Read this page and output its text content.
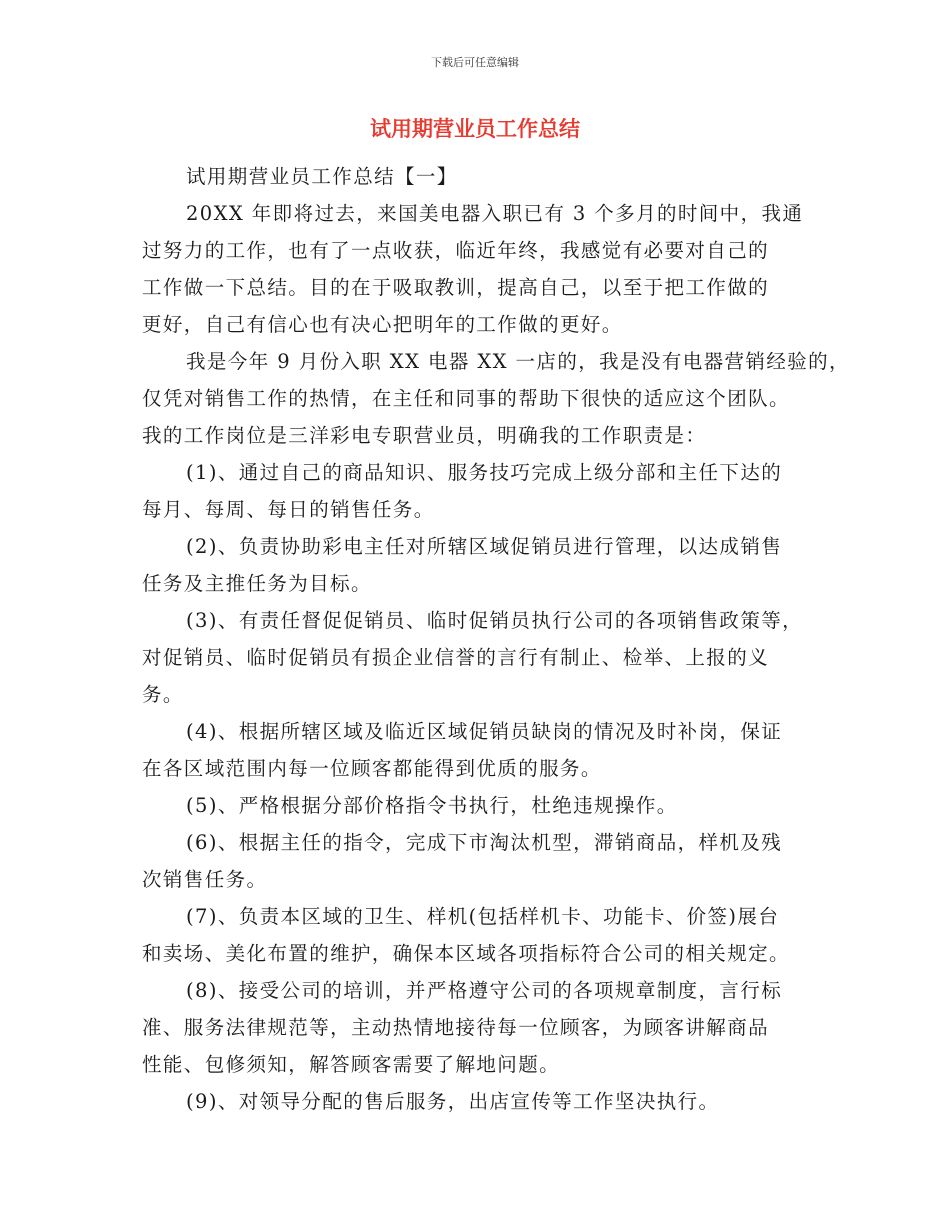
下载后可任意编辑
试用期营业员工作总结
试用期营业员工作总结【一】
20XX 年即将过去，来国美电器入职已有 3 个多月的时间中，我通
过努力的工作，也有了一点收获，临近年终，我感觉有必要对自己的
工作做一下总结。目的在于吸取教训，提高自己，以至于把工作做的
更好，自己有信心也有决心把明年的工作做的更好。
我是今年 9 月份入职 XX 电器 XX 一店的，我是没有电器营销经验的，
仅凭对销售工作的热情，在主任和同事的帮助下很快的适应这个团队。
我的工作岗位是三洋彩电专职营业员，明确我的工作职责是：
(1)、通过自己的商品知识、服务技巧完成上级分部和主任下达的
每月、每周、每日的销售任务。
(2)、负责协助彩电主任对所辖区域促销员进行管理，以达成销售
任务及主推任务为目标。
(3)、有责任督促促销员、临时促销员执行公司的各项销售政策等，
对促销员、临时促销员有损企业信誉的言行有制止、检举、上报的义
务。
(4)、根据所辖区域及临近区域促销员缺岗的情况及时补岗，保证
在各区域范围内每一位顾客都能得到优质的服务。
(5)、严格根据分部价格指令书执行，杜绝违规操作。
(6)、根据主任的指令，完成下市淘汰机型，滞销商品，样机及残
次销售任务。
(7)、负责本区域的卫生、样机(包括样机卡、功能卡、价签)展台
和卖场、美化布置的维护，确保本区域各项指标符合公司的相关规定。
(8)、接受公司的培训，并严格遵守公司的各项规章制度，言行标
准、服务法律规范等，主动热情地接待每一位顾客，为顾客讲解商品
性能、包修须知，解答顾客需要了解地问题。
(9)、对领导分配的售后服务，出店宣传等工作坚决执行。
